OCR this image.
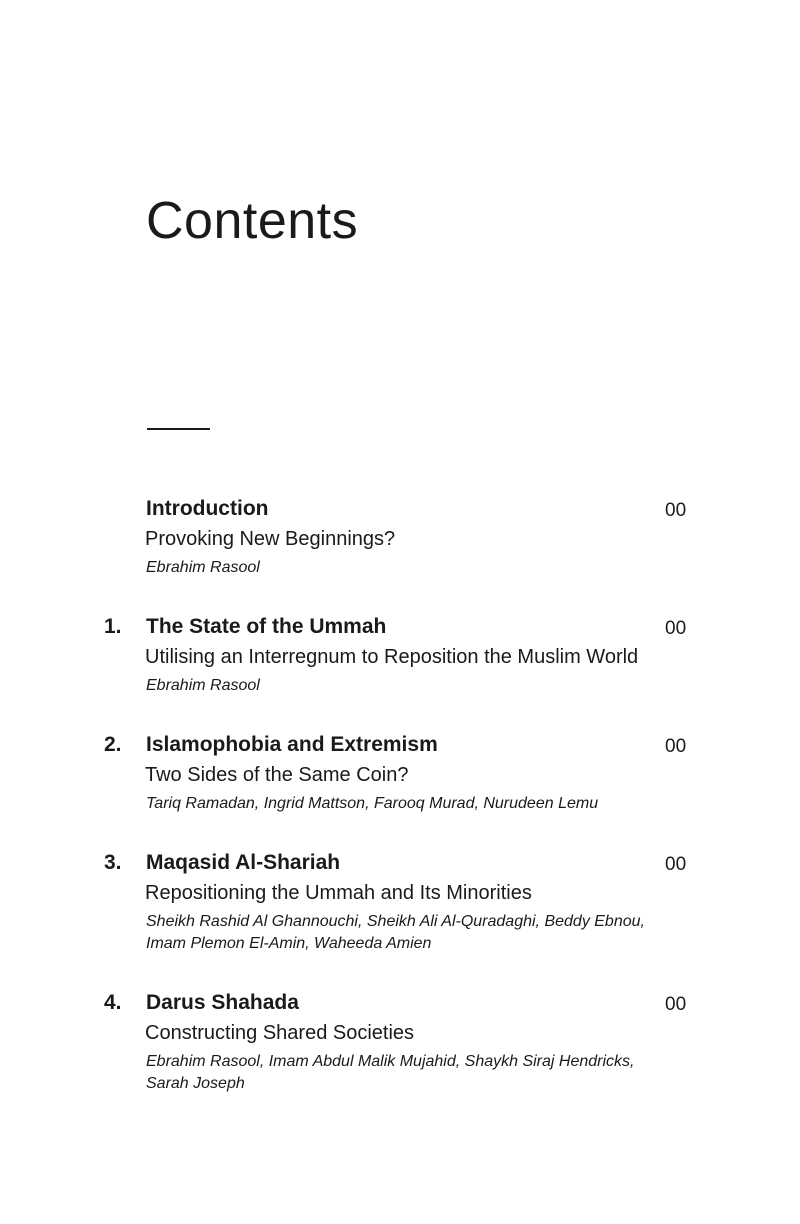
Contents
Introduction	00
Provoking New Beginnings?
Ebrahim Rasool
1. The State of the Ummah	00
Utilising an Interregnum to Reposition the Muslim World
Ebrahim Rasool
2. Islamophobia and Extremism	00
Two Sides of the Same Coin?
Tariq Ramadan, Ingrid Mattson, Farooq Murad, Nurudeen Lemu
3. Maqasid Al-Shariah	00
Repositioning the Ummah and Its Minorities
Sheikh Rashid Al Ghannouchi, Sheikh Ali Al-Quradaghi, Beddy Ebnou, Imam Plemon El-Amin, Waheeda Amien
4. Darus Shahada	00
Constructing Shared Societies
Ebrahim Rasool, Imam Abdul Malik Mujahid, Shaykh Siraj Hendricks, Sarah Joseph
